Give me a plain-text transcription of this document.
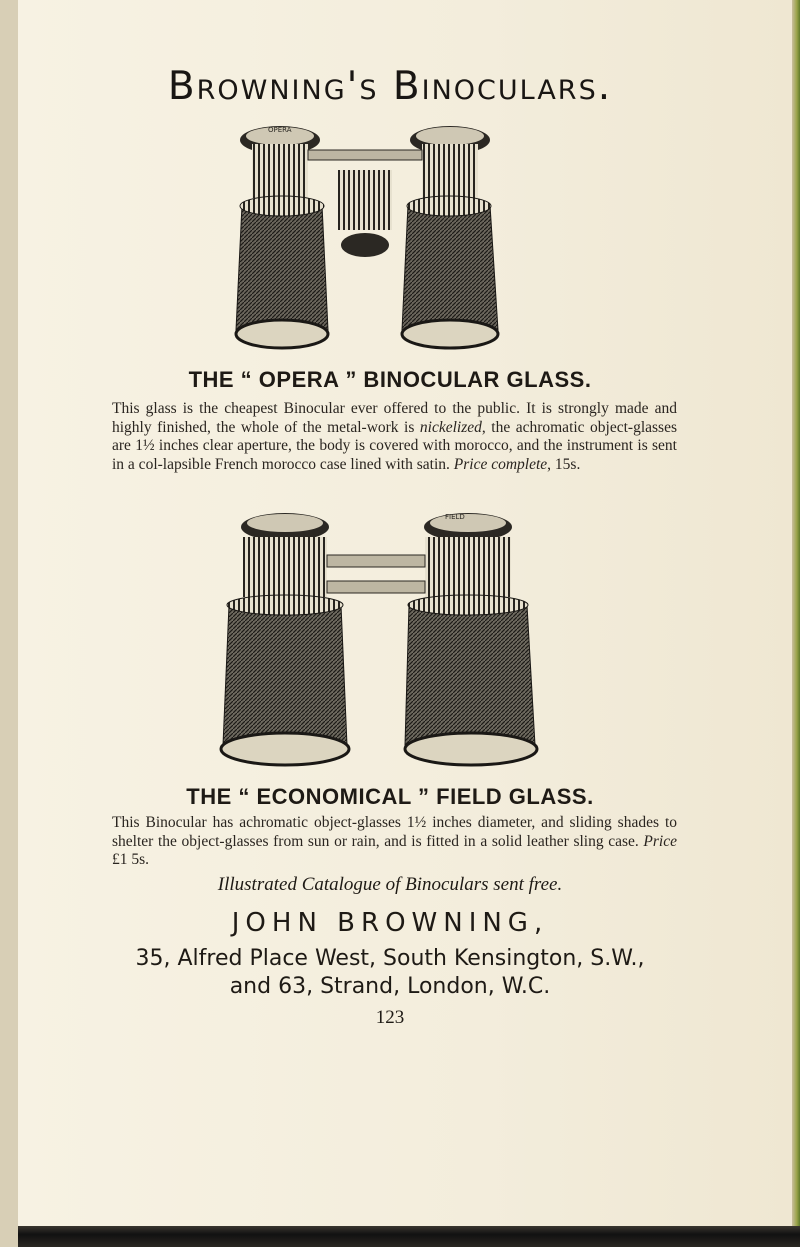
Browning's Binoculars.
OPERA
THE “ OPERA ” BINOCULAR GLASS.
This glass is the cheapest Binocular ever offered to the public. It is strongly made and highly finished, the whole of the metal-work is nickelized, the achromatic object-glasses are 1½ inches clear aperture, the body is covered with morocco, and the instrument is sent in a col-lapsible French morocco case lined with satin. Price complete, 15s.
FIELD
THE “ ECONOMICAL ” FIELD GLASS.
This Binocular has achromatic object-glasses 1½ inches diameter, and sliding shades to shelter the object-glasses from sun or rain, and is fitted in a solid leather sling case. Price £1 5s.
Illustrated Catalogue of Binoculars sent free.
JOHN BROWNING,
35, Alfred Place West, South Kensington, S.W.,
and 63, Strand, London, W.C.
123
